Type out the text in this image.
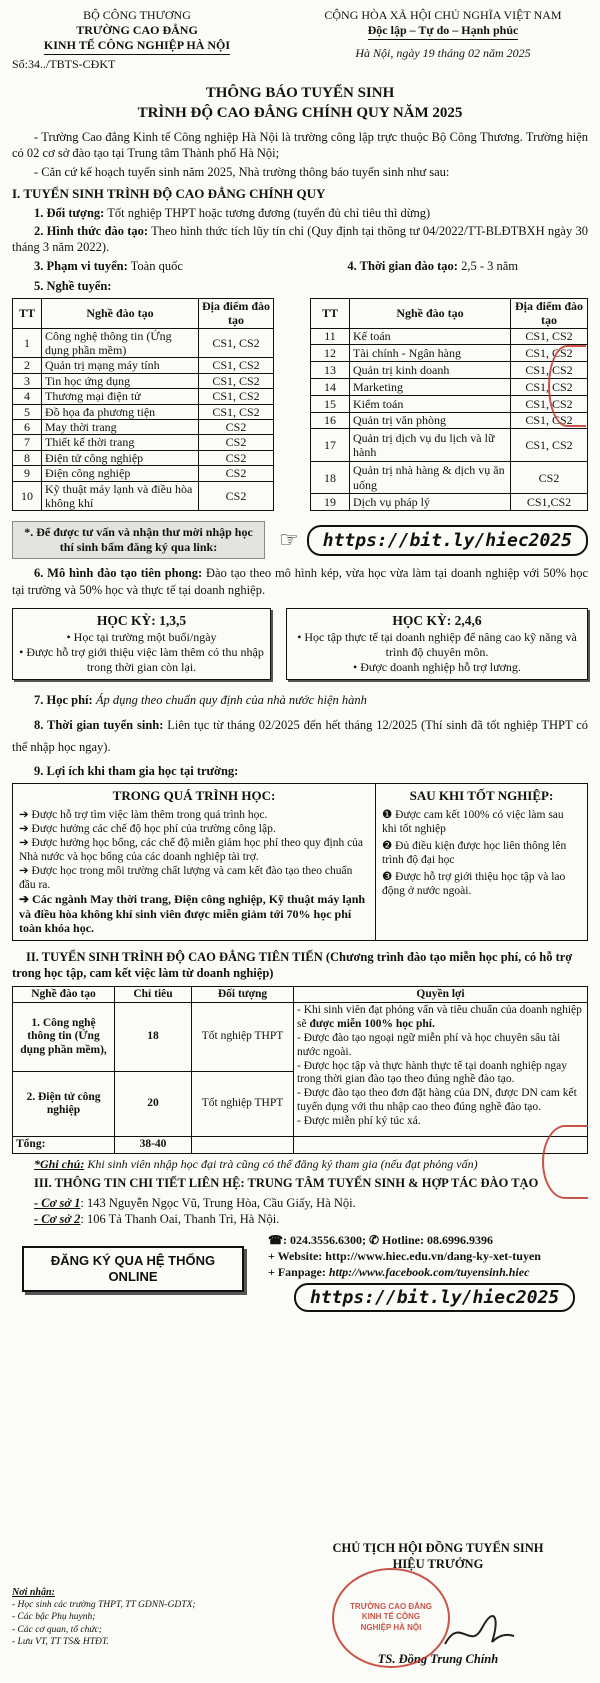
BỘ CÔNG THƯƠNG
TRƯỜNG CAO ĐẲNG
KINH TẾ CÔNG NGHIỆP HÀ NỘI
Số:34../TBTS-CĐKT
CỘNG HÒA XÃ HỘI CHỦ NGHĨA VIỆT NAM
Độc lập – Tự do – Hạnh phúc
Hà Nội, ngày 19 tháng 02 năm 2025
THÔNG BÁO TUYỂN SINH
TRÌNH ĐỘ CAO ĐẲNG CHÍNH QUY NĂM 2025

- Trường Cao đẳng Kinh tế Công nghiệp Hà Nội là trường công lập trực thuộc Bộ Công Thương. Trường hiện có 02 cơ sở đào tạo tại Trung tâm Thành phố Hà Nội;

- Căn cứ kế hoạch tuyển sinh năm 2025, Nhà trường thông báo tuyển sinh như sau:

I. TUYỂN SINH TRÌNH ĐỘ CAO ĐẲNG CHÍNH QUY

1. Đối tượng: Tốt nghiệp THPT hoặc tương đương (tuyển đủ chỉ tiêu thì dừng)

2. Hình thức đào tạo: Theo hình thức tích lũy tín chỉ (Quy định tại thông tư 04/2022/TT-BLĐTBXH ngày 30 tháng 3 năm 2022).

3. Phạm vi tuyển: Toàn quốc	4. Thời gian đào tạo: 2,5 - 3 năm

5. Nghề tuyển:

TT	Nghề đào tạo	Địa điểm đào tạo
1	Công nghệ thông tin (Ứng dụng phần mềm)	CS1, CS2
2	Quản trị mạng máy tính	CS1, CS2
3	Tin học ứng dụng	CS1, CS2
4	Thương mại điện tử	CS1, CS2
5	Đồ họa đa phương tiện	CS1, CS2
6	May thời trang	CS2
7	Thiết kế thời trang	CS2
8	Điện tử công nghiệp	CS2
9	Điện công nghiệp	CS2
10	Kỹ thuật máy lạnh và điều hòa không khí	CS2
TT	Nghề đào tạo	Địa điểm đào tạo
11	Kế toán	CS1, CS2
12	Tài chính - Ngân hàng	CS1, CS2
13	Quản trị kinh doanh	CS1, CS2
14	Marketing	CS1, CS2
15	Kiểm toán	CS1, CS2
16	Quản trị văn phòng	CS1, CS2
17	Quản trị dịch vụ du lịch và lữ hành	CS1, CS2
18	Quản trị nhà hàng & dịch vụ ăn uống	CS2
19	Dịch vụ pháp lý	CS1,CS2
*. Để được tư vấn và nhận thư mời nhập học thí sinh bấm đăng ký qua link:	☞	https://bit.ly/hiec2025

6. Mô hình đào tạo tiên phong: Đào tạo theo mô hình kép, vừa học vừa làm tại doanh nghiệp với 50% học tại trường và 50% học và thực tế tại doanh nghiệp.

HỌC KỲ: 1,3,5
• Học tại trường một buổi/ngày
• Được hỗ trợ giới thiệu việc làm thêm có thu nhập trong thời gian còn lại.
HỌC KỲ: 2,4,6
• Học tập thực tế tại doanh nghiệp để nâng cao kỹ năng và trình độ chuyên môn.
• Được doanh nghiệp hỗ trợ lương.

7. Học phí: Áp dụng theo chuẩn quy định của nhà nước hiện hành

8. Thời gian tuyển sinh: Liên tục từ tháng 02/2025 đến hết tháng 12/2025 (Thí sinh đã tốt nghiệp THPT có thể nhập học ngay).

9. Lợi ích khi tham gia học tại trường:

TRONG QUÁ TRÌNH HỌC:
➔ Được hỗ trợ tìm việc làm thêm trong quá trình học.
➔ Được hưởng các chế độ học phí của trường công lập.
➔ Được hưởng học bổng, các chế độ miễn giảm học phí theo quy định của Nhà nước và học bổng của các doanh nghiệp tài trợ.
➔ Được học trong môi trường chất lượng và cam kết đào tạo theo chuẩn đầu ra.
➔ Các ngành May thời trang, Điện công nghiệp, Kỹ thuật máy lạnh và điều hòa không khí sinh viên được miễn giảm tới 70% học phí toàn khóa học.
SAU KHI TỐT NGHIỆP:
❶ Được cam kết 100% có việc làm sau khi tốt nghiệp
❷ Đủ điều kiện được học liên thông lên trình độ đại học
❸ Được hỗ trợ giới thiệu học tập và lao động ở nước ngoài.
II. TUYỂN SINH TRÌNH ĐỘ CAO ĐẲNG TIÊN TIẾN (Chương trình đào tạo miễn học phí, có hỗ trợ trong học tập, cam kết việc làm từ doanh nghiệp)
Nghề đào tạo	Chỉ tiêu	Đối tượng	Quyền lợi
1. Công nghệ thông tin (Ứng dụng phần mềm),	18	Tốt nghiệp THPT	- Khi sinh viên đạt phỏng vấn và tiêu chuẩn của doanh nghiệp sẽ được miễn 100% học phí.
- Được đào tạo ngoại ngữ miễn phí và học chuyên sâu tài nước ngoài.
- Được học tập và thực hành thực tế tại doanh nghiệp ngay trong thời gian đào tạo theo đúng nghề đào tạo.
- Được đào tạo theo đơn đặt hàng của DN, được DN cam kết tuyển dụng với thu nhập cao theo đúng nghề đào tạo.
- Được miễn phí ký túc xá.

2. Điện tử công nghiệp	20	Tốt nghiệp THPT	
Tổng:	38-40		

*Ghi chú: Khi sinh viên nhập học đại trà cũng có thể đăng ký tham gia (nếu đạt phỏng vấn)

III. THÔNG TIN CHI TIẾT LIÊN HỆ: TRUNG TÂM TUYỂN SINH & HỢP TÁC ĐÀO TẠO
- Cơ sở 1: 143 Nguyễn Ngọc Vũ, Trung Hòa, Cầu Giấy, Hà Nội.
- Cơ sở 2: 106 Tả Thanh Oai, Thanh Trì, Hà Nội.
ĐĂNG KÝ QUA HỆ THỐNG ONLINE
☎: 024.3556.6300; ✆ Hotline: 08.6996.9396
+ Website: http://www.hiec.edu.vn/dang-ky-xet-tuyen
+ Fanpage: http://www.facebook.com/tuyensinh.hiec
https://bit.ly/hiec2025
CHỦ TỊCH HỘI ĐỒNG TUYỂN SINH
HIỆU TRƯỞNG
TS. Đồng Trung Chính
TRƯỜNG CAO ĐẲNG KINH TẾ CÔNG NGHIỆP HÀ NỘI
Nơi nhận:
- Học sinh các trường THPT, TT GDNN-GDTX;
- Các bậc Phụ huynh;
- Các cơ quan, tổ chức;
- Lưu VT, TT TS& HTĐT.
